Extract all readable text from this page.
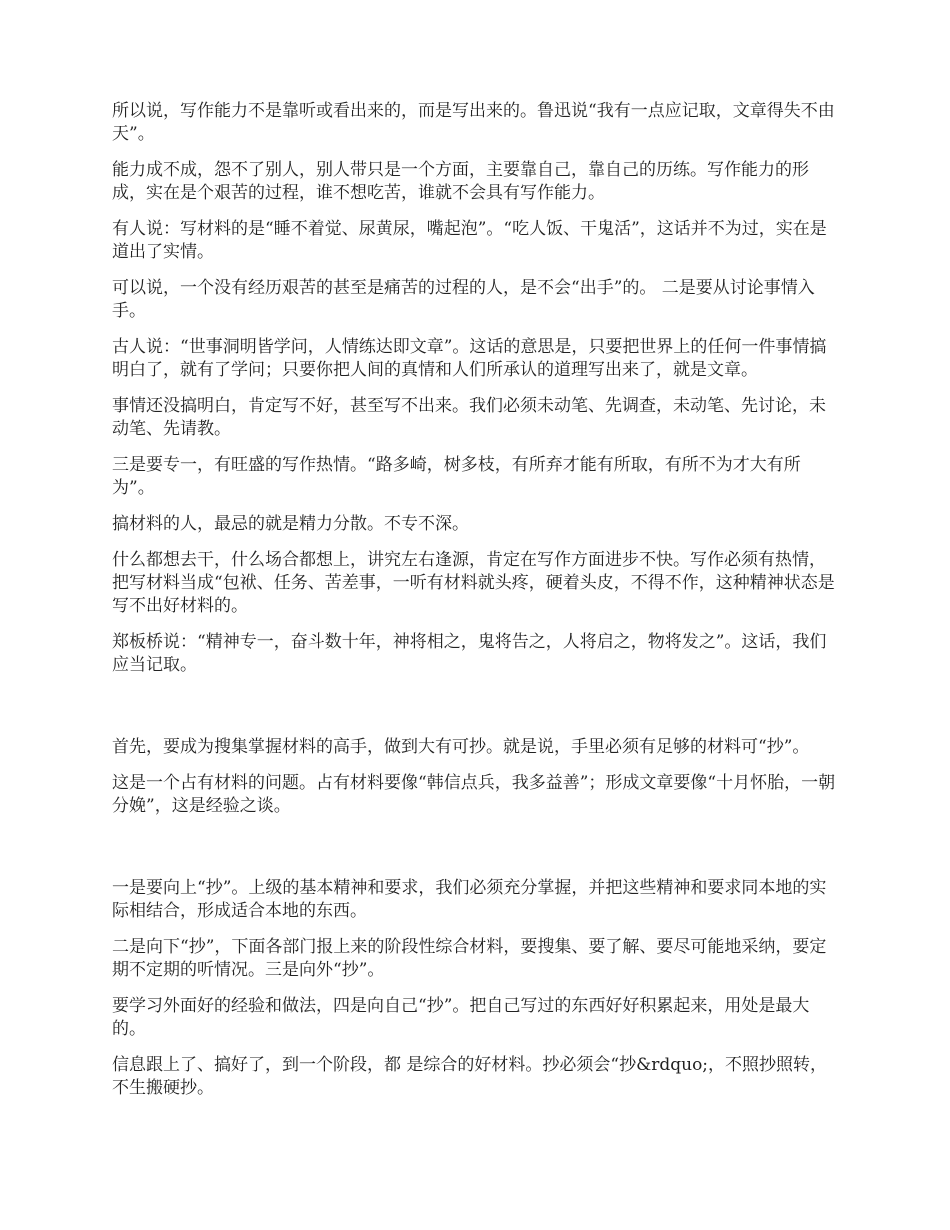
所以说，写作能力不是靠听或看出来的，而是写出来的。鲁迅说“我有一点应记取，文章得失不由天”。

能力成不成，怨不了别人，别人带只是一个方面，主要靠自己，靠自己的历练。写作能力的形成，实在是个艰苦的过程，谁不想吃苦，谁就不会具有写作能力。

有人说：写材料的是“睡不着觉、尿黄尿，嘴起泡”。“吃人饭、干鬼活”，这话并不为过，实在是道出了实情。

可以说，一个没有经历艰苦的甚至是痛苦的过程的人，是不会“出手”的。 二是要从讨论事情入手。

古人说：“世事洞明皆学问，人情练达即文章”。这话的意思是，只要把世界上的任何一件事情搞明白了，就有了学问；只要你把人间的真情和人们所承认的道理写出来了，就是文章。

事情还没搞明白，肯定写不好，甚至写不出来。我们必须未动笔、先调查，未动笔、先讨论，未动笔、先请教。

三是要专一，有旺盛的写作热情。“路多崎，树多枝，有所弃才能有所取，有所不为才大有所为”。

搞材料的人，最忌的就是精力分散。不专不深。

什么都想去干，什么场合都想上，讲究左右逢源，肯定在写作方面进步不快。写作必须有热情，把写材料当成“包袱、任务、苦差事，一听有材料就头疼，硬着头皮，不得不作，这种精神状态是写不出好材料的。

郑板桥说：“精神专一，奋斗数十年，神将相之，鬼将告之，人将启之，物将发之”。这话，我们应当记取。

首先，要成为搜集掌握材料的高手，做到大有可抄。就是说，手里必须有足够的材料可“抄”。

这是一个占有材料的问题。占有材料要像“韩信点兵，我多益善”；形成文章要像“十月怀胎，一朝分娩”，这是经验之谈。

一是要向上“抄”。上级的基本精神和要求，我们必须充分掌握，并把这些精神和要求同本地的实际相结合，形成适合本地的东西。

二是向下“抄”，下面各部门报上来的阶段性综合材料，要搜集、要了解、要尽可能地采纳，要定期不定期的听情况。三是向外“抄”。

要学习外面好的经验和做法，四是向自己“抄”。把自己写过的东西好好积累起来，用处是最大的。

信息跟上了、搞好了，到一个阶段，都 是综合的好材料。抄必须会“抄&rdquo;，不照抄照转，不生搬硬抄。
